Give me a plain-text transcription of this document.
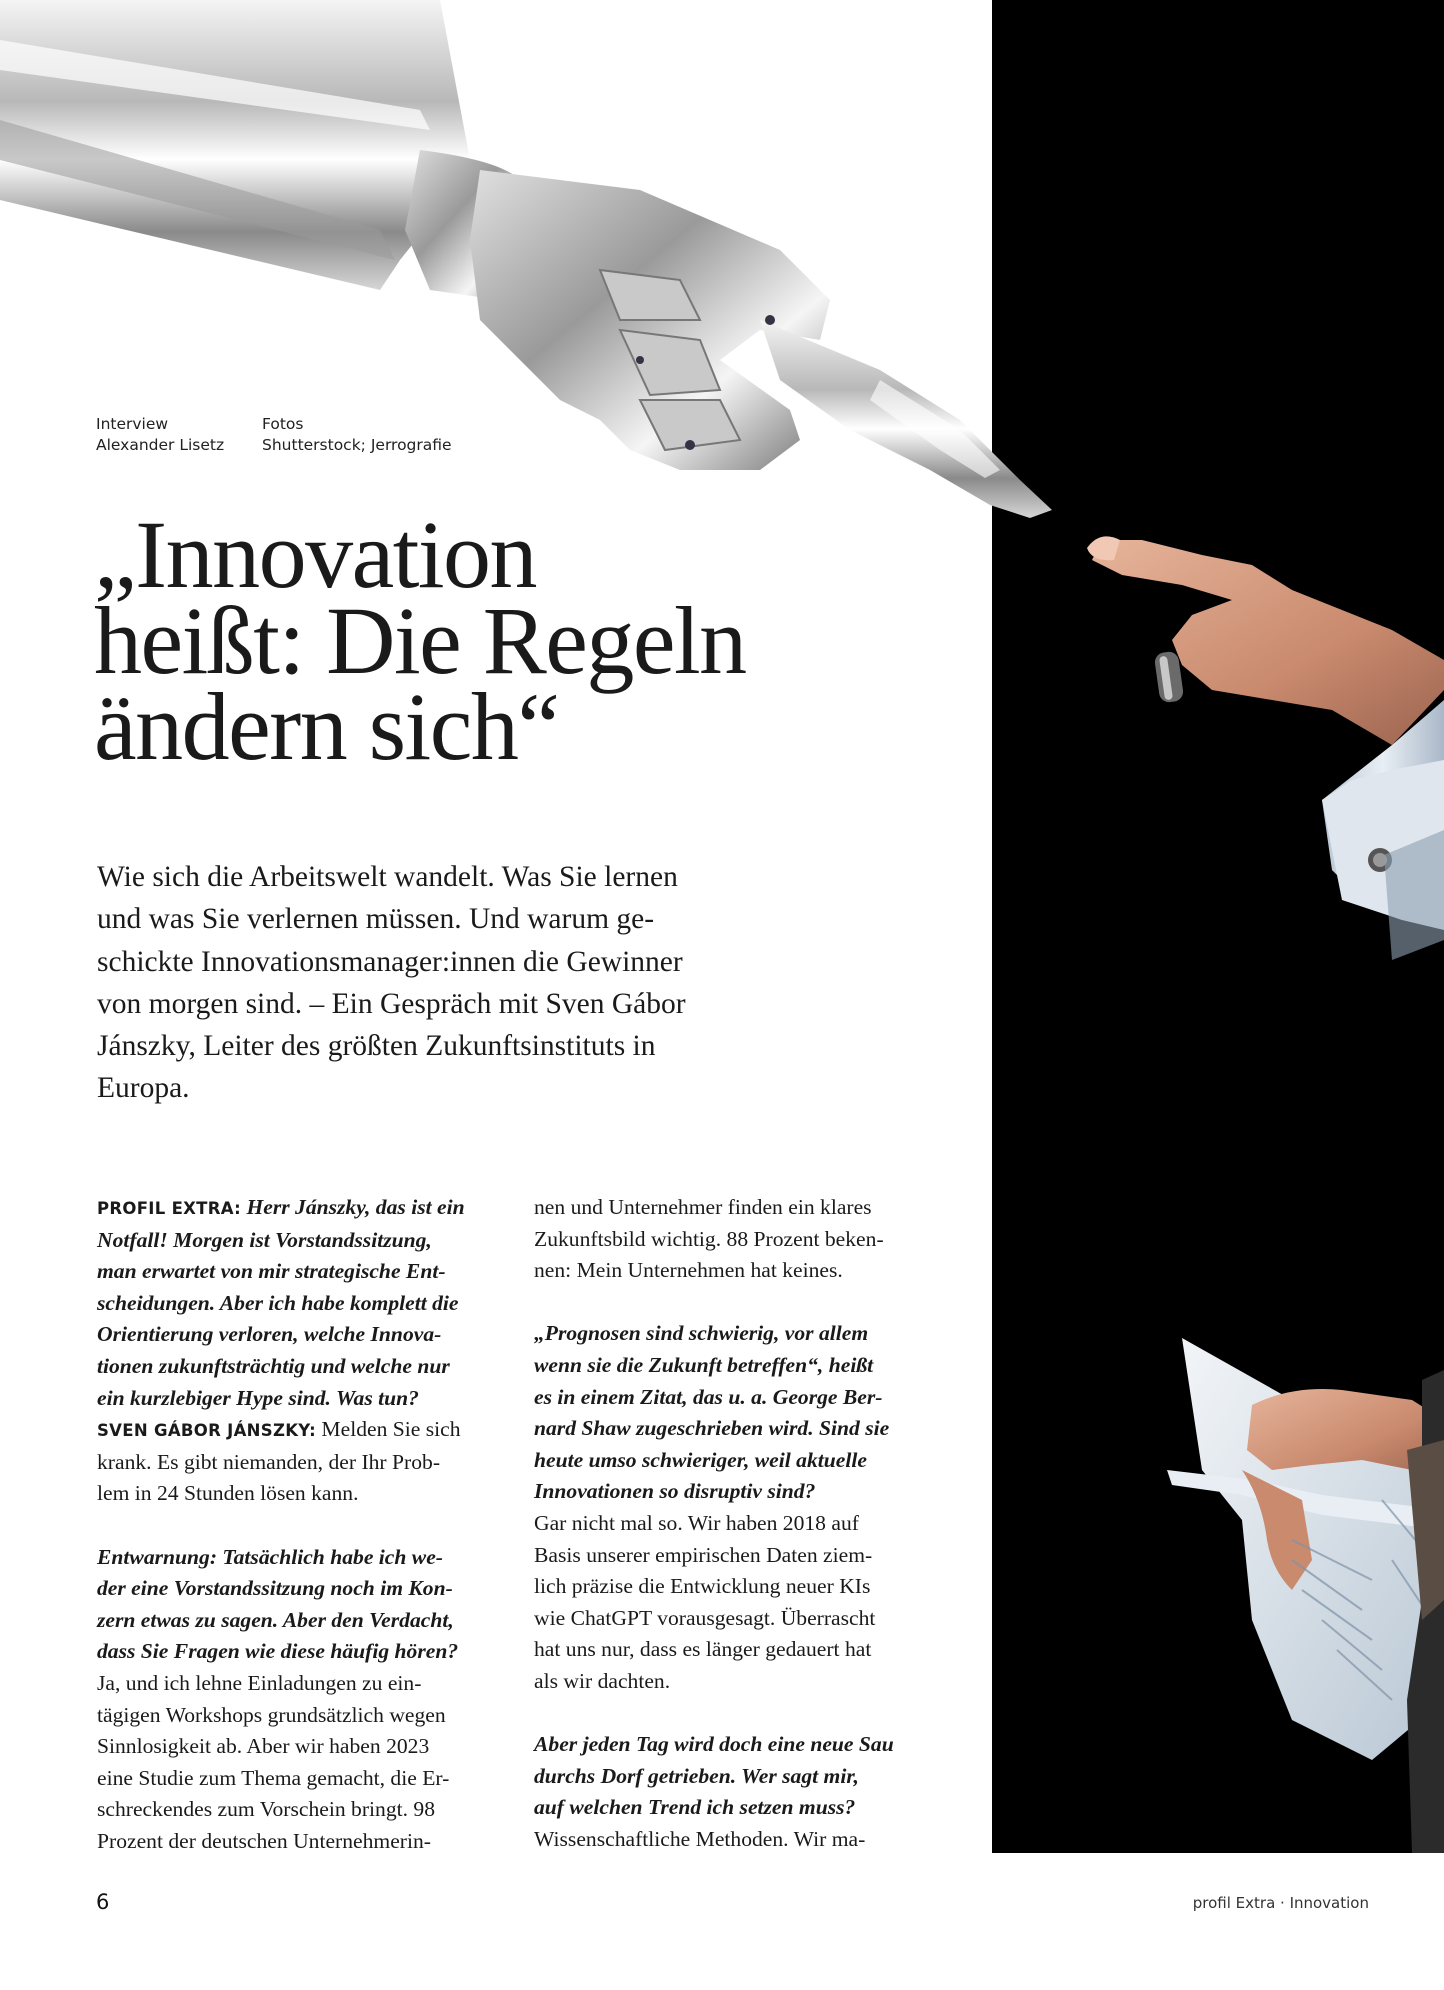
Interview
Alexander Lisetz
Fotos
Shutterstock; Jerrografie
„Innovation
heißt: Die Regeln
ändern sich“
Wie sich die Arbeitswelt wandelt. Was Sie lernen
und was Sie verlernen müssen. Und warum ge-
schickte Innovationsmanager:innen die Gewinner
von morgen sind. – Ein Gespräch mit Sven Gábor
Jánszky, Leiter des größten Zukunftsinstituts in
Europa.
PROFIL EXTRA: Herr Jánszky, das ist ein
Notfall! Morgen ist Vorstandssitzung,
man erwartet von mir strategische Ent-
scheidungen. Aber ich habe komplett die
Orientierung verloren, welche Innova-
tionen zukunftsträchtig und welche nur
ein kurzlebiger Hype sind. Was tun?
SVEN GÁBOR JÁNSZKY: Melden Sie sich
krank. Es gibt niemanden, der Ihr Prob-
lem in 24 Stunden lösen kann.
Entwarnung: Tatsächlich habe ich we-
der eine Vorstandssitzung noch im Kon-
zern etwas zu sagen. Aber den Verdacht,
dass Sie Fragen wie diese häufig hören?
Ja, und ich lehne Einladungen zu ein-
tägigen Workshops grundsätzlich wegen
Sinnlosigkeit ab. Aber wir haben 2023
eine Studie zum Thema gemacht, die Er-
schreckendes zum Vorschein bringt. 98
Prozent der deutschen Unternehmerin-
nen und Unternehmer finden ein klares
Zukunftsbild wichtig. 88 Prozent beken-
nen: Mein Unternehmen hat keines.
„Prognosen sind schwierig, vor allem
wenn sie die Zukunft betreffen“, heißt
es in einem Zitat, das u. a. George Ber-
nard Shaw zugeschrieben wird. Sind sie
heute umso schwieriger, weil aktuelle
Innovationen so disruptiv sind?
Gar nicht mal so. Wir haben 2018 auf
Basis unserer empirischen Daten ziem-
lich präzise die Entwicklung neuer KIs
wie ChatGPT vorausgesagt. Überrascht
hat uns nur, dass es länger gedauert hat
als wir dachten.
Aber jeden Tag wird doch eine neue Sau
durchs Dorf getrieben. Wer sagt mir,
auf welchen Trend ich setzen muss?
Wissenschaftliche Methoden. Wir ma-
6	profil Extra · Innovation
